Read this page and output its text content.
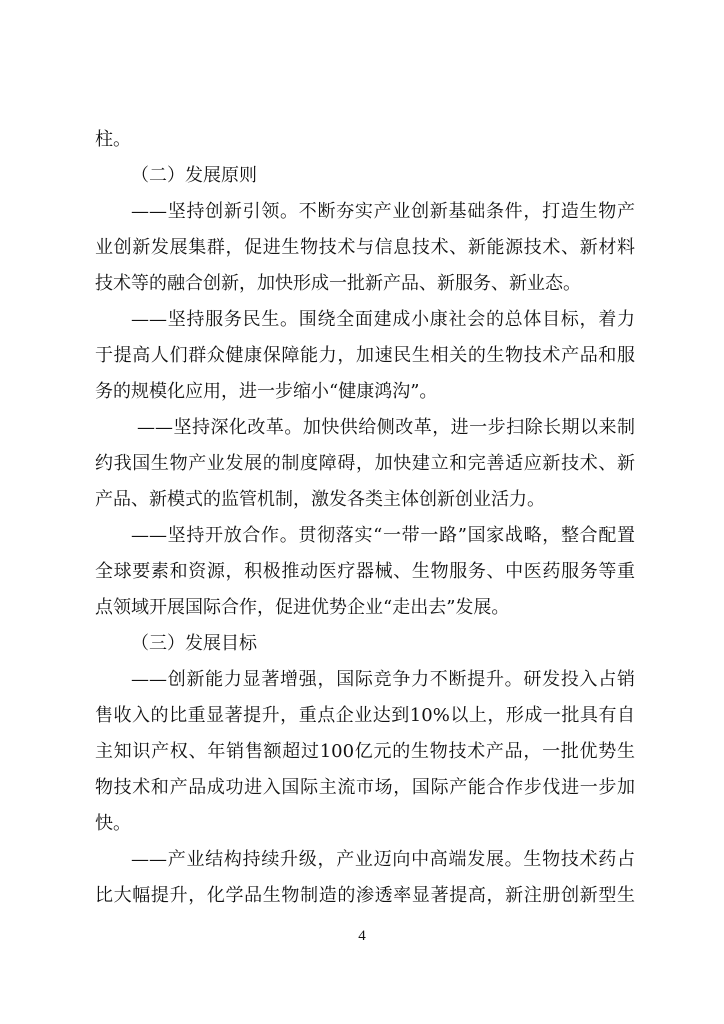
柱。
（二）发展原则
——坚持创新引领。不断夯实产业创新基础条件，打造生物产
业创新发展集群，促进生物技术与信息技术、新能源技术、新材料
技术等的融合创新，加快形成一批新产品、新服务、新业态。
——坚持服务民生。围绕全面建成小康社会的总体目标，着力
于提高人们群众健康保障能力，加速民生相关的生物技术产品和服
务的规模化应用，进一步缩小“健康鸿沟”。
——坚持深化改革。加快供给侧改革，进一步扫除长期以来制
约我国生物产业发展的制度障碍，加快建立和完善适应新技术、新
产品、新模式的监管机制，激发各类主体创新创业活力。
——坚持开放合作。贯彻落实“一带一路”国家战略，整合配置
全球要素和资源，积极推动医疗器械、生物服务、中医药服务等重
点领域开展国际合作，促进优势企业“走出去”发展。
（三）发展目标
——创新能力显著增强，国际竞争力不断提升。研发投入占销
售收入的比重显著提升，重点企业达到10%以上，形成一批具有自
主知识产权、年销售额超过100亿元的生物技术产品，一批优势生
物技术和产品成功进入国际主流市场，国际产能合作步伐进一步加
快。
——产业结构持续升级，产业迈向中高端发展。生物技术药占
比大幅提升，化学品生物制造的渗透率显著提高，新注册创新型生
4
